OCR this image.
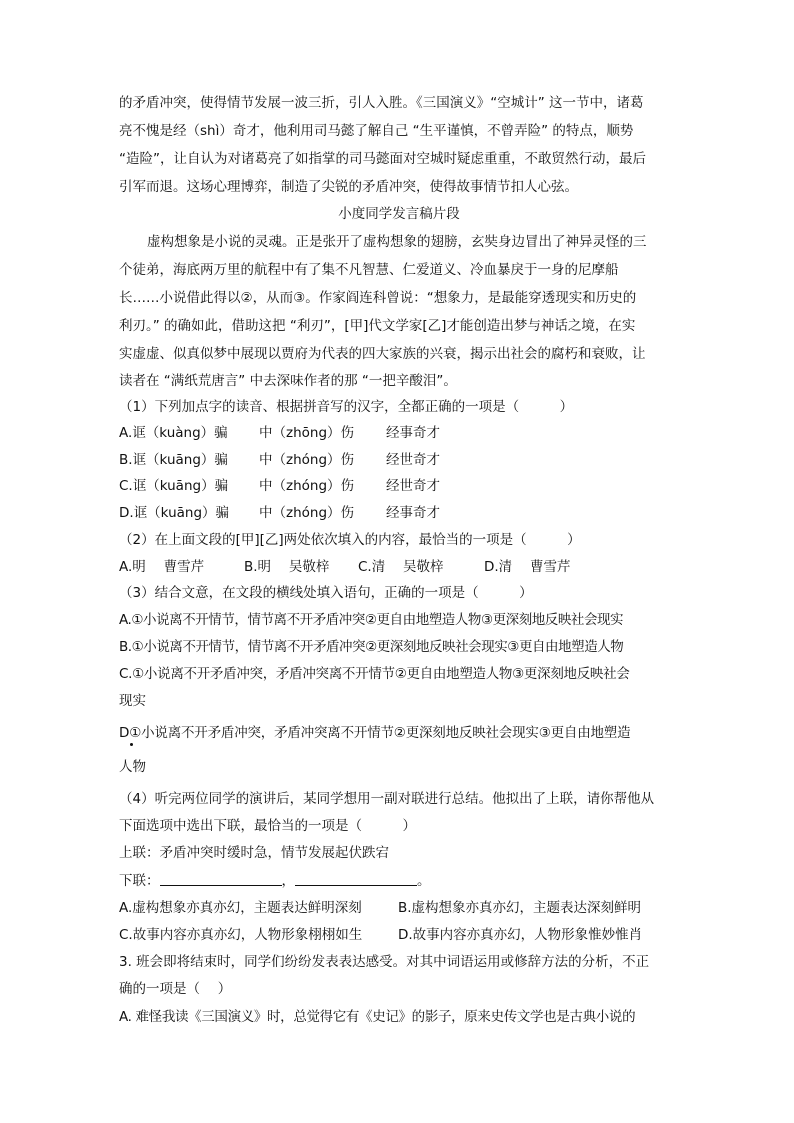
的矛盾冲突，使得情节发展一波三折，引人入胜。《三国演义》“空城计” 这一节中，诸葛
亮不愧是经（shì）奇才，他利用司马懿了解自己 “生平谨慎，不曾弄险” 的特点，顺势
“造险”，让自认为对诸葛亮了如指掌的司马懿面对空城时疑虑重重，不敢贸然行动，最后
引军而退。这场心理博弈，制造了尖锐的矛盾冲突，使得故事情节扣人心弦。
小度同学发言稿片段
虚构想象是小说的灵魂。正是张开了虚构想象的翅膀，玄奘身边冒出了神异灵怪的三
个徒弟，海底两万里的航程中有了集不凡智慧、仁爱道义、冷血暴戾于一身的尼摩船
长……小说借此得以②，从而③。作家阎连科曾说：“想象力，是最能穿透现实和历史的
利刃。” 的确如此，借助这把 “利刃”，[甲]代文学家[乙]才能创造出梦与神话之境，在实
实虚虚、似真似梦中展现以贾府为代表的四大家族的兴衰，揭示出社会的腐朽和衰败，让
读者在 “满纸荒唐言” 中去深味作者的那 “一把辛酸泪”。
（1）下列加点字的读音、根据拼音写的汉字，全都正确的一项是（　　　）
A.诓（kuàng）骗 中（zhōng）伤 经事奇才
B.诓（kuāng）骗 中（zhóng）伤 经世奇才
C.诓（kuāng）骗 中（zhóng）伤 经世奇才
D.诓（kuāng）骗 中（zhóng）伤 经事奇才
（2）在上面文段的[甲][乙]两处依次填入的内容，最恰当的一项是（　　　）
A.明　 曹雪芹	B.明　 吴敬梓 C.清　 吴敬梓	D.清　 曹雪芹
（3）结合文意，在文段的横线处填入语句，正确的一项是（　　　）
A.①小说离不开情节，情节离不开矛盾冲突②更自由地塑造人物③更深刻地反映社会现实
B.①小说离不开情节，情节离不开矛盾冲突②更深刻地反映社会现实③更自由地塑造人物
C.①小说离不开矛盾冲突，矛盾冲突离不开情节②更自由地塑造人物③更深刻地反映社会
现实
D①小说离不开矛盾冲突，矛盾冲突离不开情节②更深刻地反映社会现实③更自由地塑造
人物
（4）听完两位同学的演讲后，某同学想用一副对联进行总结。他拟出了上联，请你帮他从
下面选项中选出下联，最恰当的一项是（　　　）
上联：矛盾冲突时缓时急，情节发展起伏跌宕
下联：	，	。
A.虚构想象亦真亦幻，主题表达鲜明深刻	B.虚构想象亦真亦幻，主题表达深刻鲜明
C.故事内容亦真亦幻，人物形象栩栩如生	D.故事内容亦真亦幻，人物形象惟妙惟肖
3. 班会即将结束时，同学们纷纷发表表达感受。对其中词语运用或修辞方法的分析，不正
确的一项是（　 ）
A. 难怪我读《三国演义》时，总觉得它有《史记》的影子，原来史传文学也是古典小说的
